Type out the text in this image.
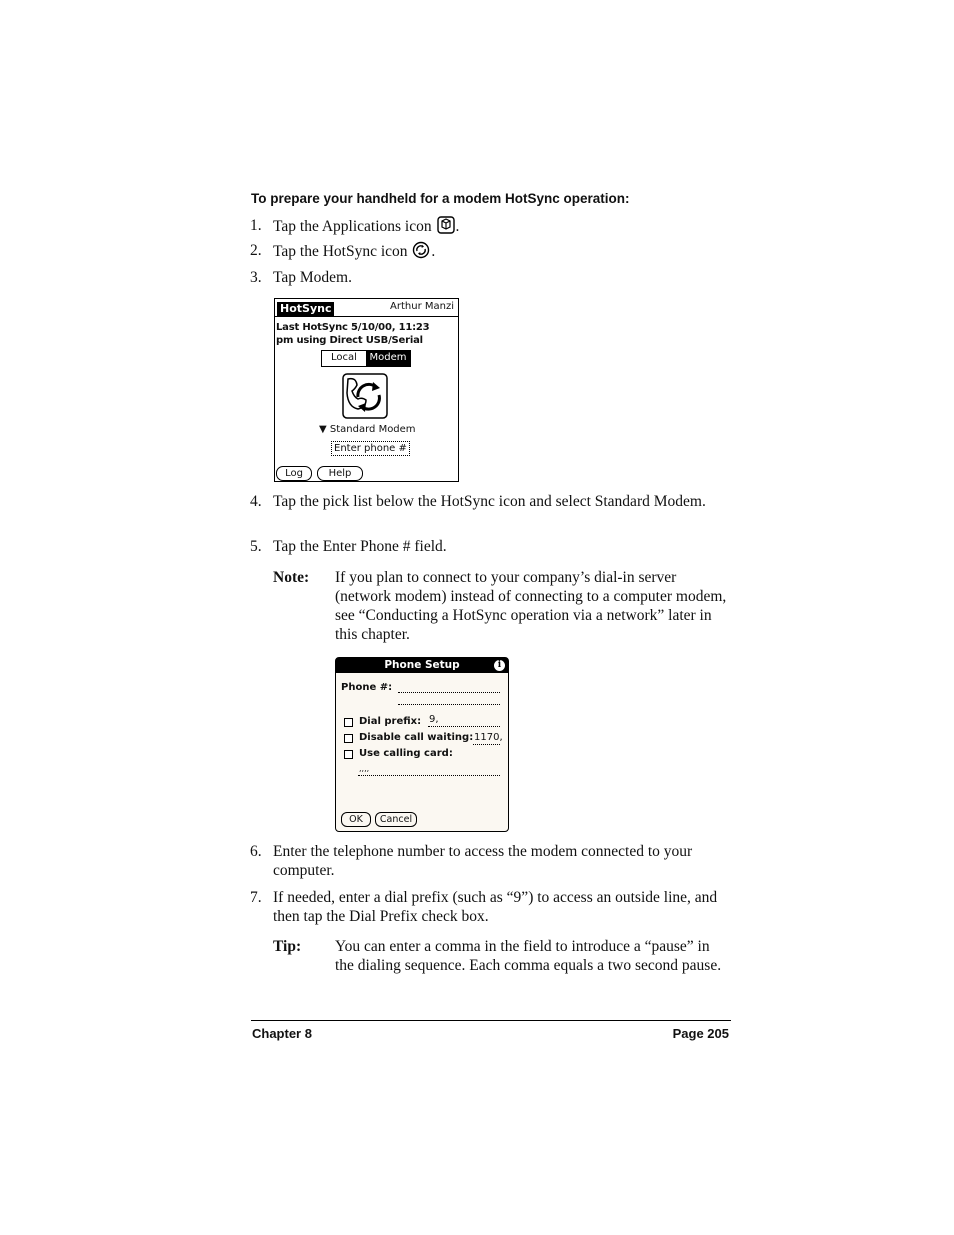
To prepare your handheld for a modem HotSync operation:
1. Tap the Applications icon .
2. Tap the HotSync icon .
3. Tap Modem.
HotSync	Arthur Manzi
Last HotSync 5/10/00, 11:23
pm using Direct USB/Serial
Local	Modem
▼ Standard Modem
Enter phone #
Log	Help
4. Tap the pick list below the HotSync icon and select Standard Modem.
5. Tap the Enter Phone # field.
Note: If you plan to connect to your company’s dial-in server (network modem) instead of connecting to a computer modem, see “Conducting a HotSync operation via a network” later in this chapter.
Phone Setup	i
Phone #:
Dial prefix: 9,
Disable call waiting: 1170,
Use calling card:
,,,,
OK	Cancel
6. Enter the telephone number to access the modem connected to your computer.
7. If needed, enter a dial prefix (such as “9”) to access an outside line, and then tap the Dial Prefix check box.
Tip: You can enter a comma in the field to introduce a “pause” in the dialing sequence. Each comma equals a two second pause.
Chapter 8	Page 205
